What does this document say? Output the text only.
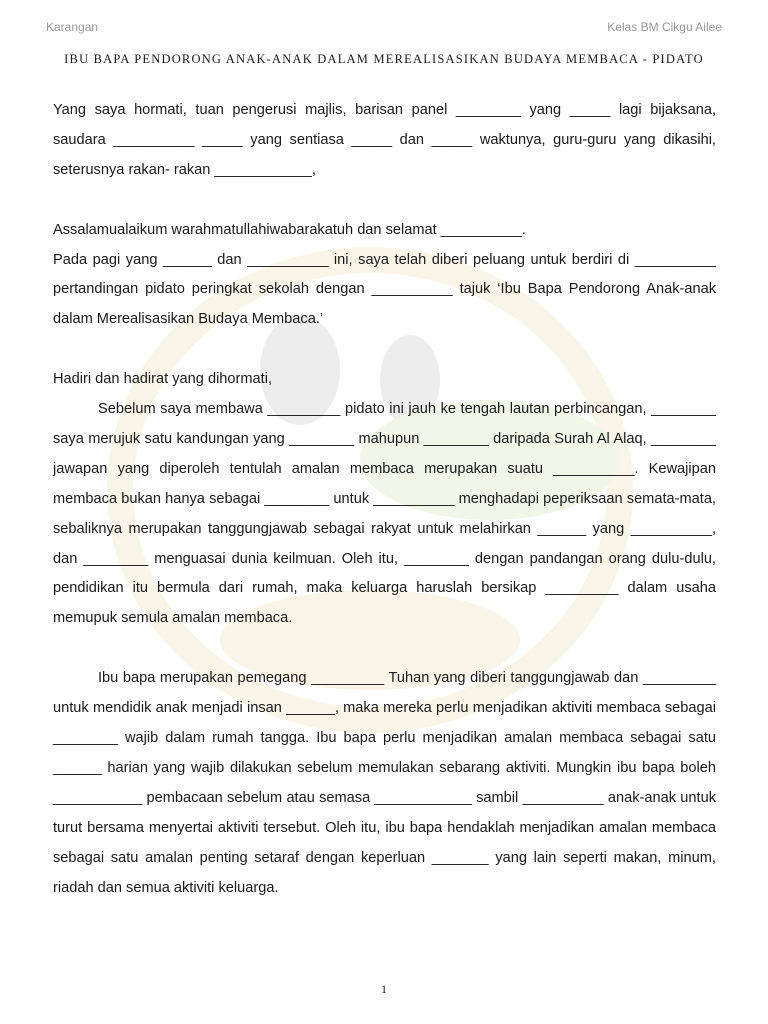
Karangan	Kelas BM Cikgu Ailee
IBU BAPA PENDORONG ANAK-ANAK DALAM MEREALISASIKAN BUDAYA MEMBACA - PIDATO

Yang saya hormati, tuan pengerusi majlis, barisan panel ________ yang _____ lagi bijaksana, saudara __________ _____ yang sentiasa _____ dan _____ waktunya, guru-guru yang dikasihi, seterusnya rakan- rakan ____________,

Assalamualaikum warahmatullahiwabarakatuh dan selamat __________.

Pada pagi yang ______ dan __________ ini, saya telah diberi peluang untuk berdiri di __________ pertandingan pidato peringkat sekolah dengan __________ tajuk ‘Ibu Bapa Pendorong Anak-anak dalam Merealisasikan Budaya Membaca.’

Hadiri dan hadirat yang dihormati,

Sebelum saya membawa _________ pidato ini jauh ke tengah lautan perbincangan, ________ saya merujuk satu kandungan yang ________ mahupun ________ daripada Surah Al Alaq, ________ jawapan yang diperoleh tentulah amalan membaca merupakan suatu __________. Kewajipan membaca bukan hanya sebagai ________ untuk __________ menghadapi peperiksaan semata-mata, sebaliknya merupakan tanggungjawab sebagai rakyat untuk melahirkan ______ yang __________, dan ________ menguasai dunia keilmuan. Oleh itu, ________ dengan pandangan orang dulu-dulu, pendidikan itu bermula dari rumah, maka keluarga haruslah bersikap _________ dalam usaha memupuk semula amalan membaca.

Ibu bapa merupakan pemegang _________ Tuhan yang diberi tanggungjawab dan _________ untuk mendidik anak menjadi insan ______, maka mereka perlu menjadikan aktiviti membaca sebagai ________ wajib dalam rumah tangga. Ibu bapa perlu menjadikan amalan membaca sebagai satu ______ harian yang wajib dilakukan sebelum memulakan sebarang aktiviti. Mungkin ibu bapa boleh ___________ pembacaan sebelum atau semasa ____________ sambil __________ anak-anak untuk turut bersama menyertai aktiviti tersebut. Oleh itu, ibu bapa hendaklah menjadikan amalan membaca sebagai satu amalan penting setaraf dengan keperluan _______ yang lain seperti makan, minum, riadah dan semua aktiviti keluarga.

1
